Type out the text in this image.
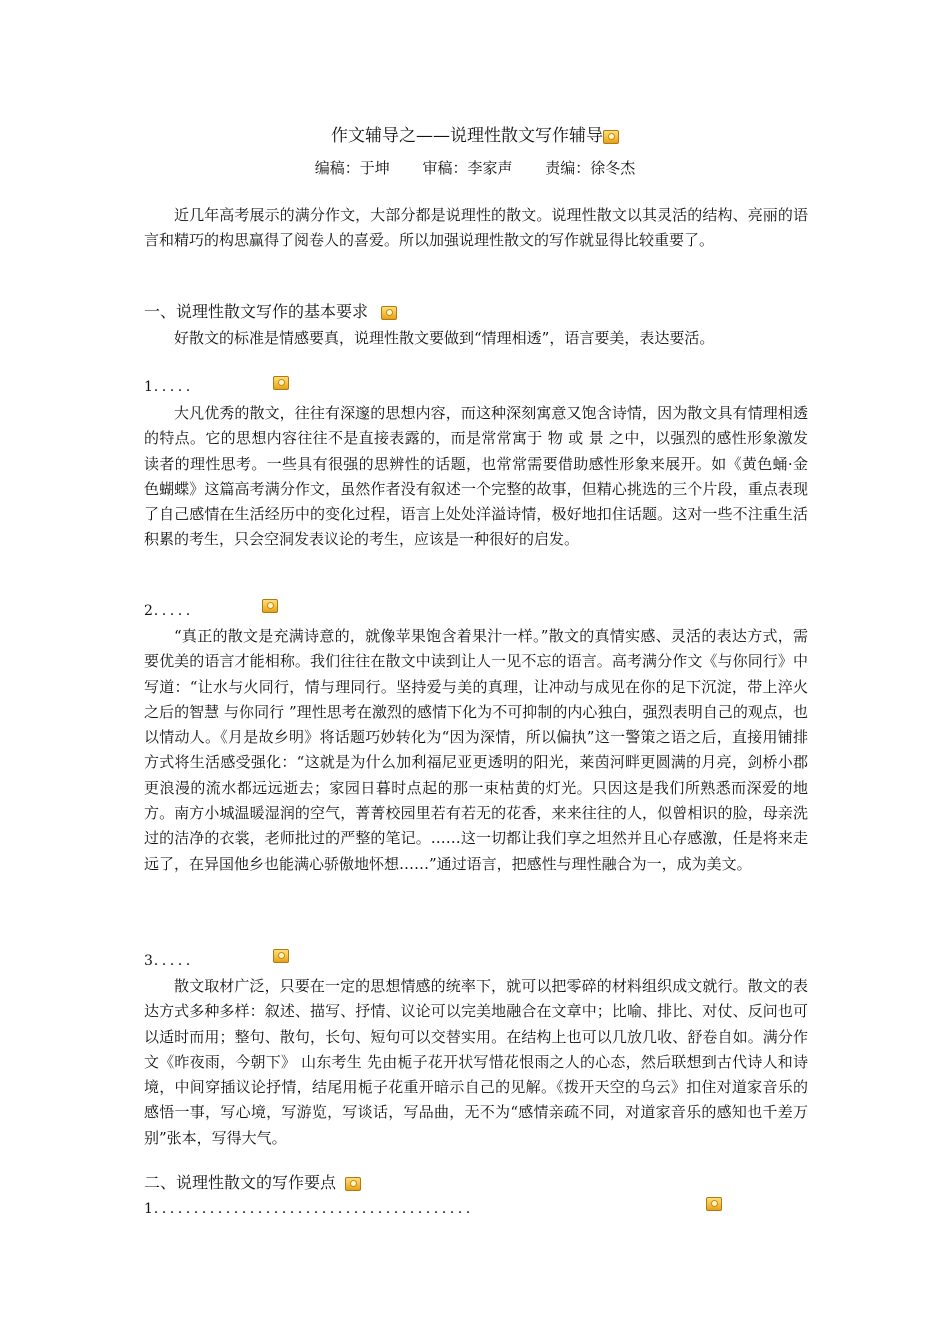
作文辅导之——说理性散文写作辅导
编稿：于坤 审稿：李家声 责编：徐冬杰

近几年高考展示的满分作文，大部分都是说理性的散文。说理性散文以其灵活的结构、亮丽的语言和精巧的构思赢得了阅卷人的喜爱。所以加强说理性散文的写作就显得比较重要了。

一、说理性散文写作的基本要求

好散文的标准是情感要真，说理性散文要做到“情理相透”，语言要美，表达要活。

1．．．．．

大凡优秀的散文，往往有深邃的思想内容，而这种深刻寓意又饱含诗情，因为散文具有情理相透的特点。它的思想内容往往不是直接表露的，而是常常寓于 物 或 景 之中，以强烈的感性形象激发读者的理性思考。一些具有很强的思辨性的话题，也常常需要借助感性形象来展开。如《黄色蛹·金色蝴蝶》这篇高考满分作文，虽然作者没有叙述一个完整的故事，但精心挑选的三个片段，重点表现了自己感情在生活经历中的变化过程，语言上处处洋溢诗情，极好地扣住话题。这对一些不注重生活积累的考生，只会空洞发表议论的考生，应该是一种很好的启发。

2．．．．．

“真正的散文是充满诗意的，就像苹果饱含着果汁一样。”散文的真情实感、灵活的表达方式，需要优美的语言才能相称。我们往往在散文中读到让人一见不忘的语言。高考满分作文《与你同行》中写道：“让水与火同行，情与理同行。坚持爱与美的真理，让冲动与成见在你的足下沉淀，带上淬火之后的智慧 与你同行 ”理性思考在激烈的感情下化为不可抑制的内心独白，强烈表明自己的观点，也以情动人。《月是故乡明》将话题巧妙转化为“因为深情，所以偏执”这一警策之语之后，直接用铺排方式将生活感受强化：“这就是为什么加利福尼亚更透明的阳光，莱茵河畔更圆满的月亮，剑桥小郡更浪漫的流水都远远逝去；家园日暮时点起的那一束枯黄的灯光。只因这是我们所熟悉而深爱的地方。南方小城温暖湿润的空气，菁菁校园里若有若无的花香，来来往往的人，似曾相识的脸，母亲洗过的洁净的衣裳，老师批过的严整的笔记。……这一切都让我们享之坦然并且心存感激，任是将来走远了，在异国他乡也能满心骄傲地怀想……”通过语言，把感性与理性融合为一，成为美文。

3．．．．．

散文取材广泛，只要在一定的思想情感的统率下，就可以把零碎的材料组织成文就行。散文的表达方式多种多样：叙述、描写、抒情、议论可以完美地融合在文章中；比喻、排比、对仗、反问也可以适时而用；整句、散句，长句、短句可以交替实用。在结构上也可以几放几收、舒卷自如。满分作文《昨夜雨，今朝下》 山东考生 先由栀子花开状写惜花恨雨之人的心态，然后联想到古代诗人和诗境，中间穿插议论抒情，结尾用栀子花重开暗示自己的见解。《拨开天空的乌云》扣住对道家音乐的感悟一事，写心境，写游览，写谈话，写品曲，无不为“感情亲疏不同，对道家音乐的感知也千差万别”张本，写得大气。

二、说理性散文的写作要点
1．．．．．．．．．．．．．．．．．．．．．．．．．．．．．．．．．．．．．．．．
